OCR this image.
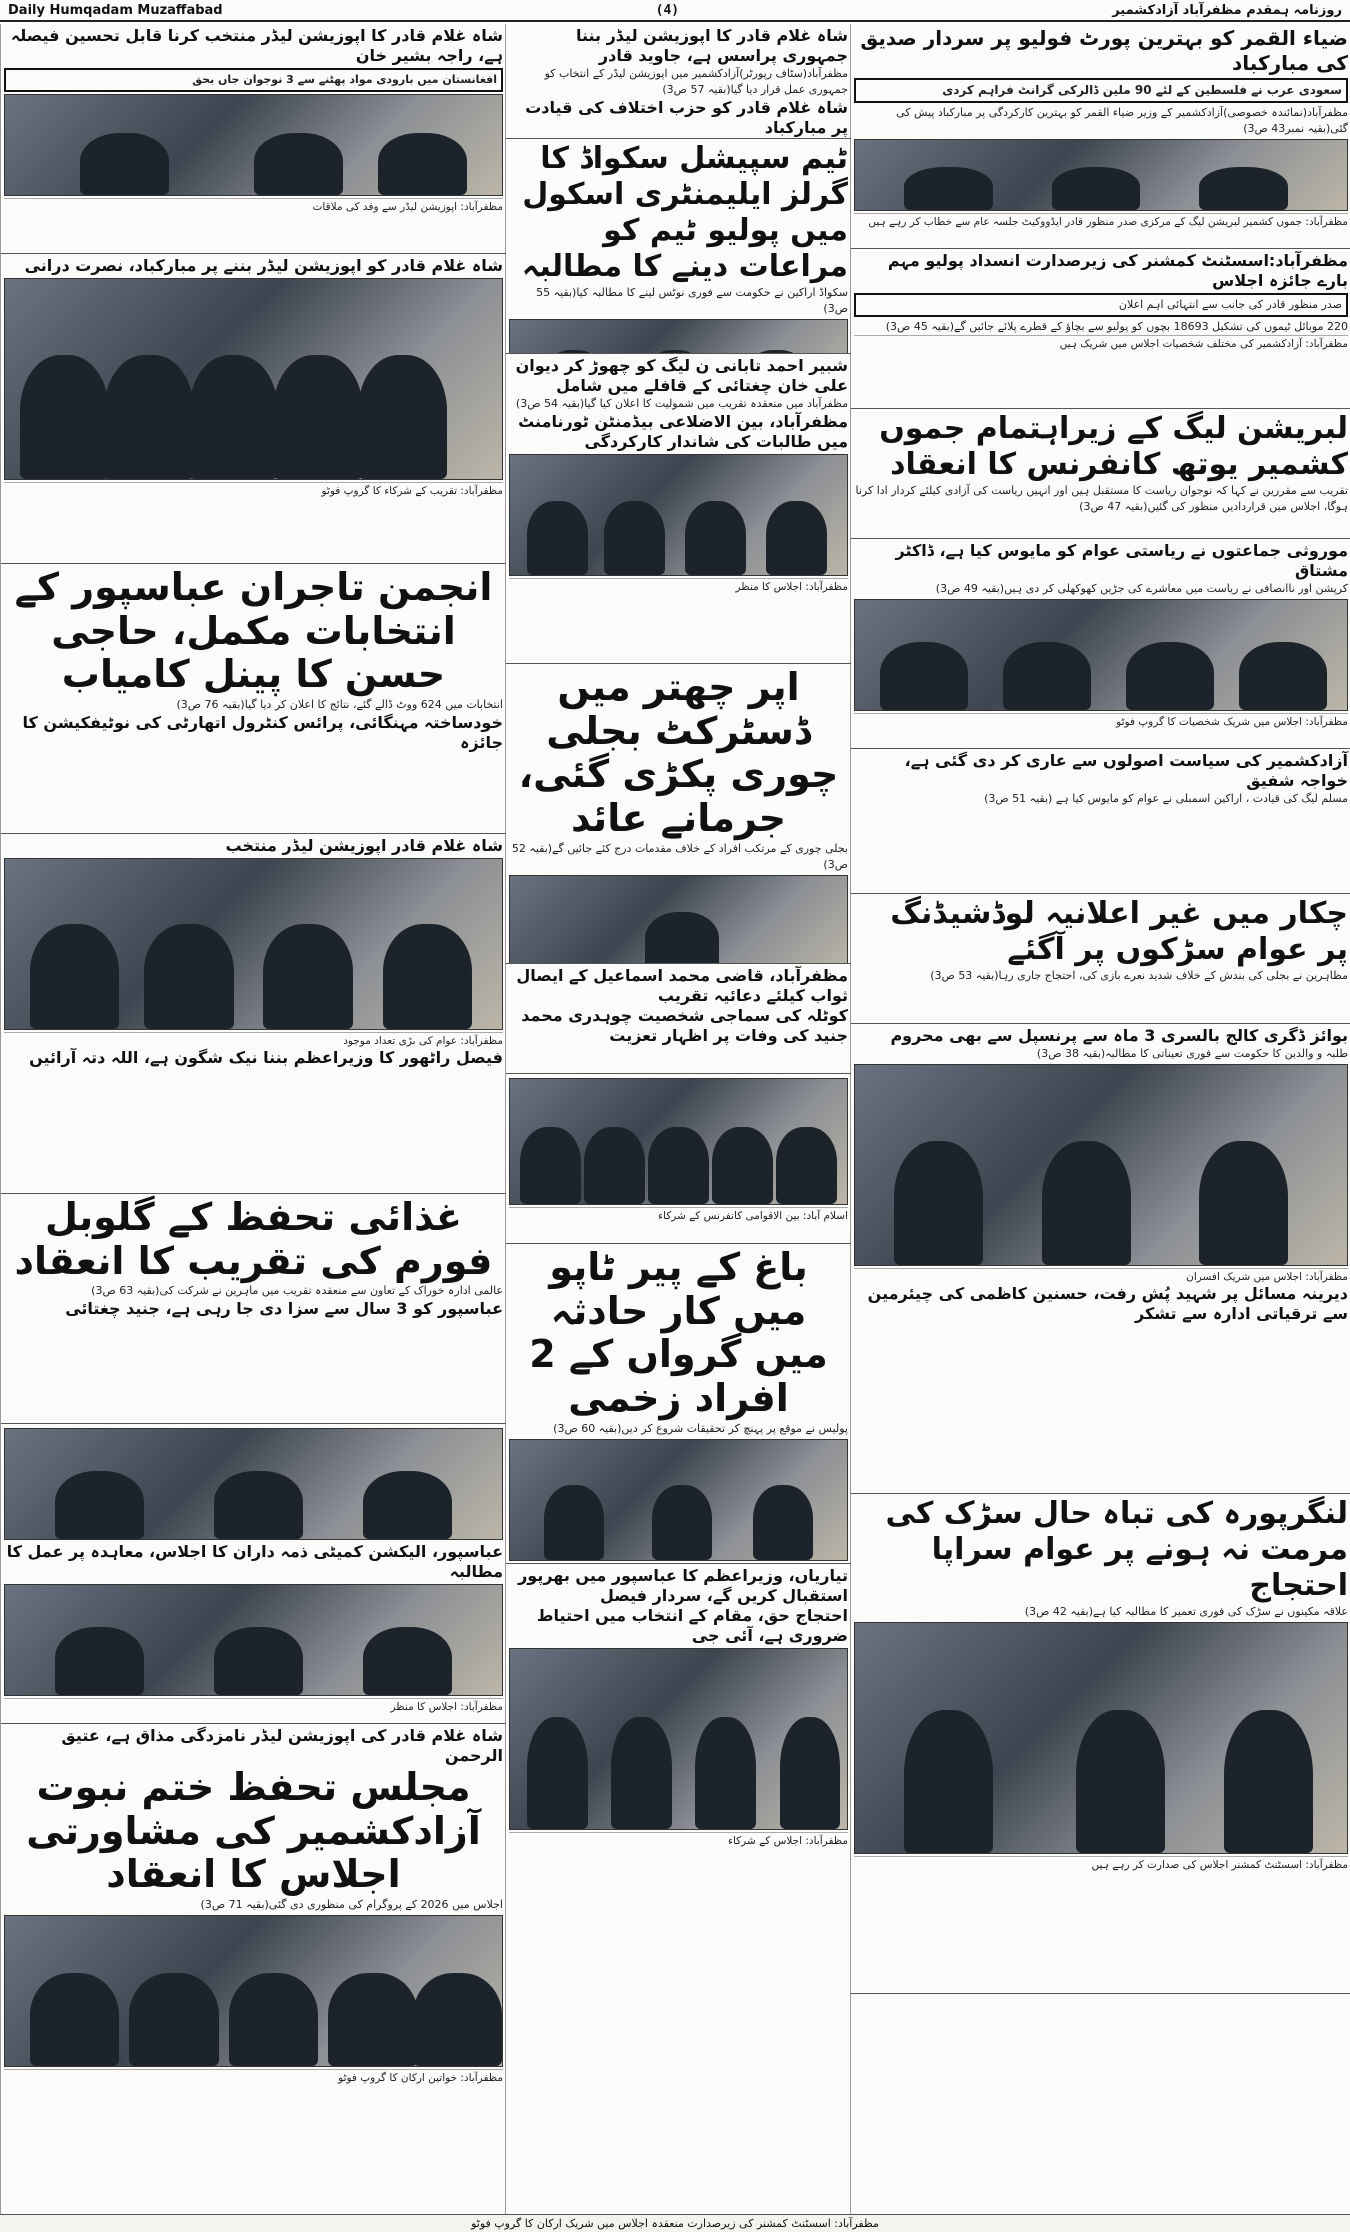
Daily Humqadam Muzaffabad	(4)	روزنامہ ہمقدم مظفرآباد آزادکشمیر
ضیاء القمر کو بہترین پورٹ فولیو پر سردار صدیق کی مبارکباد
سعودی عرب نے فلسطین کے لئے 90 ملین ڈالرکی گرانٹ فراہم کردی
مظفرآباد(نمائندہ خصوصی)آزادکشمیر کے وزیر ضیاء القمر کو بہترین کارکردگی پر مبارکباد پیش کی گئی(بقیہ نمبر43 ص3)
مظفرآباد: جموں کشمیر لبریشن لیگ کے مرکزی صدر منظور قادر ایڈووکیٹ جلسہ عام سے خطاب کر رہے ہیں
مظفرآباد:اسسٹنٹ کمشنر کی زیرصدارت انسداد پولیو مہم بارے جائزہ اجلاس
صدر منظور قادر کی جانب سے انتہائی اہم اعلان
220 موبائل ٹیموں کی تشکیل 18693 بچوں کو پولیو سے بچاؤ کے قطرے پلائے جائیں گے(بقیہ 45 ص3)
مظفرآباد: آزادکشمیر کی مختلف شخصیات اجلاس میں شریک ہیں
لبریشن لیگ کے زیراہتمام جموں کشمیر یوتھ کانفرنس کا انعقاد
تقریب سے مقررین نے کہا کہ نوجوان ریاست کا مستقبل ہیں اور انہیں ریاست کی آزادی کیلئے کردار ادا کرنا ہوگا، اجلاس میں قراردادیں منظور کی گئیں(بقیہ 47 ص3)
موروثی جماعتوں نے ریاستی عوام کو مایوس کیا ہے، ڈاکٹر مشتاق
کرپشن اور ناانصافی نے ریاست میں معاشرے کی جڑیں کھوکھلی کر دی ہیں(بقیہ 49 ص3)
مظفرآباد: اجلاس میں شریک شخصیات کا گروپ فوٹو
آزادکشمیر کی سیاست اصولوں سے عاری کر دی گئی ہے، خواجہ شفیق
مسلم لیگ کی قیادت ، اراکین اسمبلی نے عوام کو مایوس کیا ہے (بقیہ 51 ص3)
چکار میں غیر اعلانیہ لوڈشیڈنگ پر عوام سڑکوں پر آگئے
مظاہرین نے بجلی کی بندش کے خلاف شدید نعرے بازی کی، احتجاج جاری رہا(بقیہ 53 ص3)
بوائز ڈگری کالج بالسری 3 ماہ سے پرنسپل سے بھی محروم
طلبہ و والدین کا حکومت سے فوری تعیناتی کا مطالبہ(بقیہ 38 ص3)
مظفرآباد: اجلاس میں شریک افسران
دیرینہ مسائل پر شہید پُش رفت، حسنین کاظمی کی چیئرمین سے ترقیاتی ادارہ سے تشکر
لنگرپورہ کی تباہ حال سڑک کی مرمت نہ ہونے پر عوام سراپا احتجاج
علاقہ مکینوں نے سڑک کی فوری تعمیر کا مطالبہ کیا ہے(بقیہ 42 ص3)
مظفرآباد: اسسٹنٹ کمشنر اجلاس کی صدارت کر رہے ہیں
شاہ غلام قادر کا اپوزیشن لیڈر بننا جمہوری پراسس ہے، جاوید قادر
مظفرآباد(سٹاف رپورٹر)آزادکشمیر میں اپوزیشن لیڈر کے انتخاب کو جمہوری عمل قرار دیا گیا(بقیہ 57 ص3)
شاہ غلام قادر کو حزب اختلاف کی قیادت پر مبارکباد
ٹیم سپیشل سکواڈ کا گرلز ایلیمنٹری اسکول میں پولیو ٹیم کو مراعات دینے کا مطالبہ
سکواڈ اراکین نے حکومت سے فوری نوٹس لینے کا مطالبہ کیا(بقیہ 55 ص3)
شبیر احمد تابانی ن لیگ کو چھوڑ کر دیوان علی خان چغتائی کے قافلے میں شامل
مظفرآباد میں منعقدہ تقریب میں شمولیت کا اعلان کیا گیا(بقیہ 54 ص3)
مظفرآباد، بین الاضلاعی بیڈمنٹن ٹورنامنٹ میں طالبات کی شاندار کارکردگی
مظفرآباد: اجلاس کا منظر
اپر چھتر میں ڈسٹرکٹ بجلی چوری پکڑی گئی، جرمانے عائد
بجلی چوری کے مرتکب افراد کے خلاف مقدمات درج کئے جائیں گے(بقیہ 52 ص3)
مظفرآباد، قاضی محمد اسماعیل کے ایصال ثواب کیلئے دعائیہ تقریب
کوٹلہ کی سماجی شخصیت چوہدری محمد جنید کی وفات پر اظہار تعزیت
اسلام آباد: بین الاقوامی کانفرنس کے شرکاء
باغ کے پیر ٹاپو میں کار حادثہ میں گرواں کے 2 افراد زخمی
پولیس نے موقع پر پہنچ کر تحقیقات شروع کر دیں(بقیہ 60 ص3)
تیاریاں، وزیراعظم کا عباسپور میں بھرپور استقبال کریں گے، سردار فیصل
احتجاج حق، مقام کے انتخاب میں احتیاط ضروری ہے، آئی جی
مظفرآباد: اجلاس کے شرکاء
شاہ غلام قادر کا اپوزیشن لیڈر منتخب کرنا قابل تحسین فیصلہ ہے، راجہ بشیر خان
افغانستان میں بارودی مواد پھٹنے سے 3 نوجوان جاں بحق
مظفرآباد: اپوزیشن لیڈر سے وفد کی ملاقات
شاہ غلام قادر کو اپوزیشن لیڈر بننے پر مبارکباد، نصرت درانی
مظفرآباد: تقریب کے شرکاء کا گروپ فوٹو
انجمن تاجران عباسپور کے انتخابات مکمل، حاجی حسن کا پینل کامیاب
انتخابات میں 624 ووٹ ڈالے گئے، نتائج کا اعلان کر دیا گیا(بقیہ 76 ص3)
خودساختہ مہنگائی، پرائس کنٹرول اتھارٹی کی نوٹیفکیشن کا جائزہ
شاہ غلام قادر اپوزیشن لیڈر منتخب
مظفرآباد: عوام کی بڑی تعداد موجود
فیصل راٹھور کا وزیراعظم بننا نیک شگون ہے، اللہ دتہ آرائیں
غذائی تحفظ کے گلوبل فورم کی تقریب کا انعقاد
عالمی ادارہ خوراک کے تعاون سے منعقدہ تقریب میں ماہرین نے شرکت کی(بقیہ 63 ص3)
عباسپور کو 3 سال سے سزا دی جا رہی ہے، جنید چغتائی
عباسپور، الیکشن کمیٹی ذمہ داران کا اجلاس، معاہدہ پر عمل کا مطالبہ
مظفرآباد: اجلاس کا منظر
شاہ غلام قادر کی اپوزیشن لیڈر نامزدگی مذاق ہے، عتیق الرحمن
مجلس تحفظ ختم نبوت آزادکشمیر کی مشاورتی اجلاس کا انعقاد
اجلاس میں 2026 کے پروگرام کی منظوری دی گئی(بقیہ 71 ص3)
مظفرآباد: خواتین ارکان کا گروپ فوٹو
مظفرآباد: اسسٹنٹ کمشنر کی زیرصدارت منعقدہ اجلاس میں شریک ارکان کا گروپ فوٹو
